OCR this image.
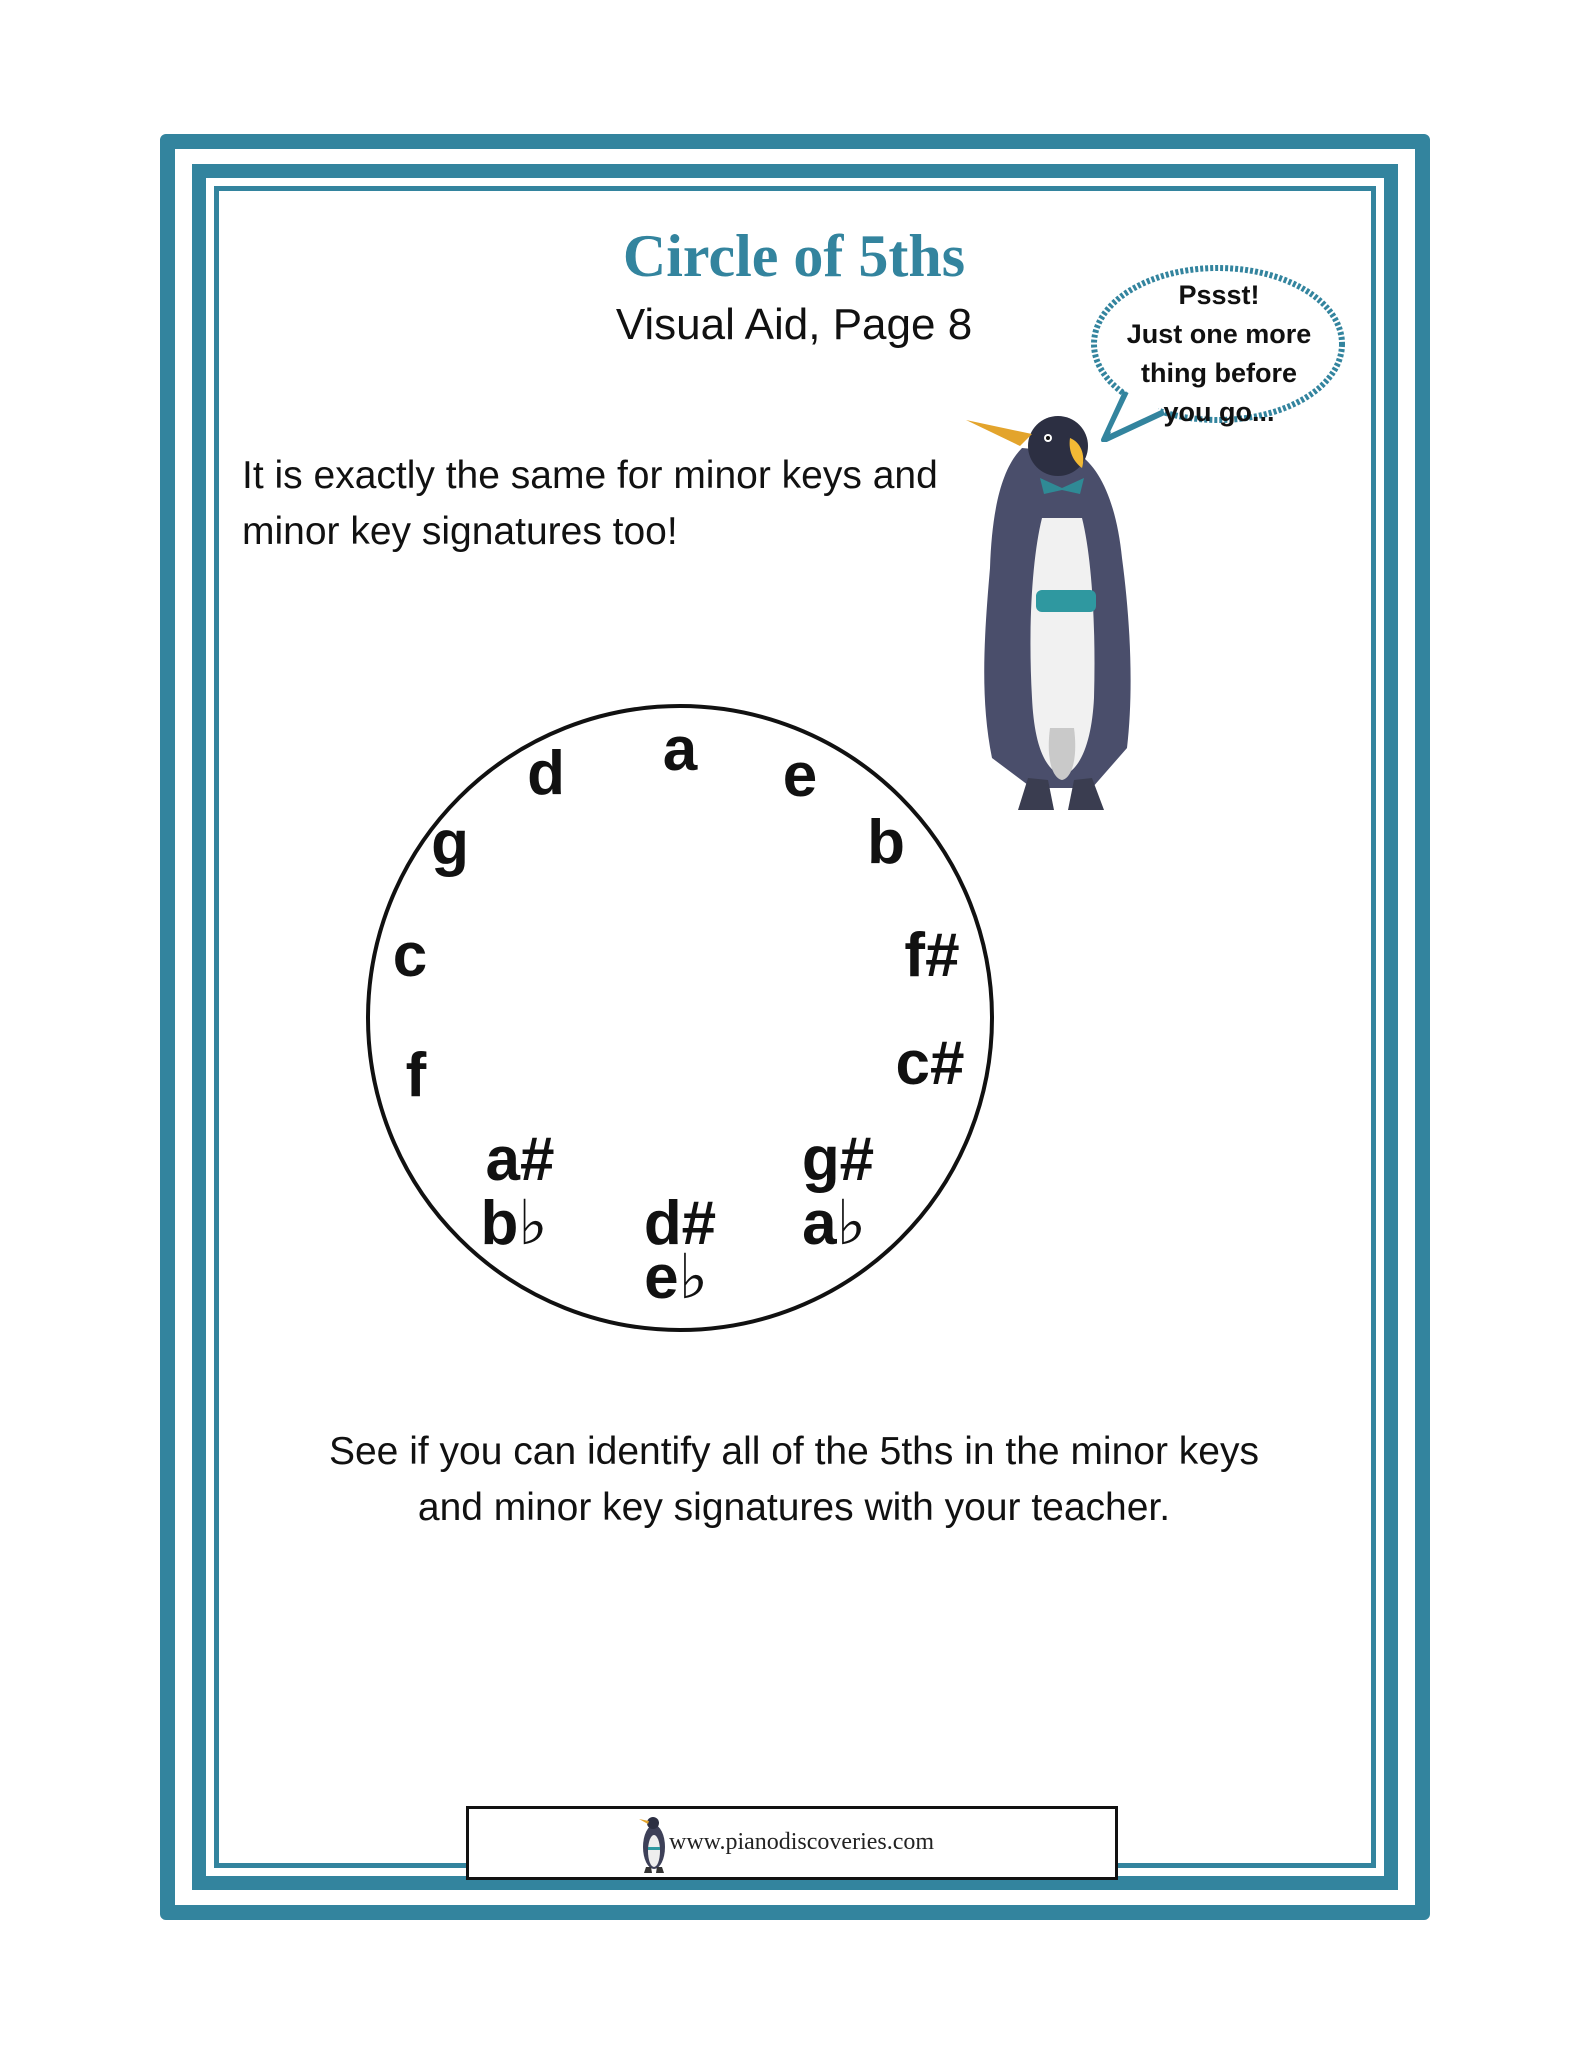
Circle of 5ths
Visual Aid, Page 8
Pssst!
Just one more
thing before
you go...
It is exactly the same for minor keys and
minor key signatures too!
a e
b
f#
c#
g#
a♭
d#
e♭
a#
b♭
f
c
g
d
See if you can identify all of the 5ths in the minor keys
and minor key signatures with your teacher.
www.pianodiscoveries.com
